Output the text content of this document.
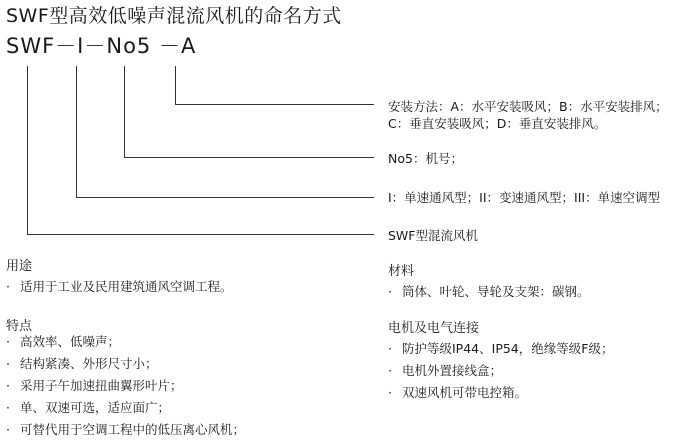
SWF型高效低噪声混流风机的命名方式
SWF－I－No5 －A
安装方法：A：水平安装吸风；B：水平安装排风；
C：垂直安装吸风；D：垂直安装排风。
No5：机号；
I：单速通风型；II：变速通风型；III：单速空调型
SWF型混流风机
用途
· 适用于工业及民用建筑通风空调工程。
特点
· 高效率、低噪声；
· 结构紧凑、外形尺寸小；
· 采用子午加速扭曲翼形叶片；
· 单、双速可选，适应面广；
· 可替代用于空调工程中的低压离心风机；
材料
· 筒体、叶轮、导轮及支架：碳钢。
电机及电气连接
· 防护等级IP44、IP54，绝缘等级F级；
· 电机外置接线盒；
· 双速风机可带电控箱。
